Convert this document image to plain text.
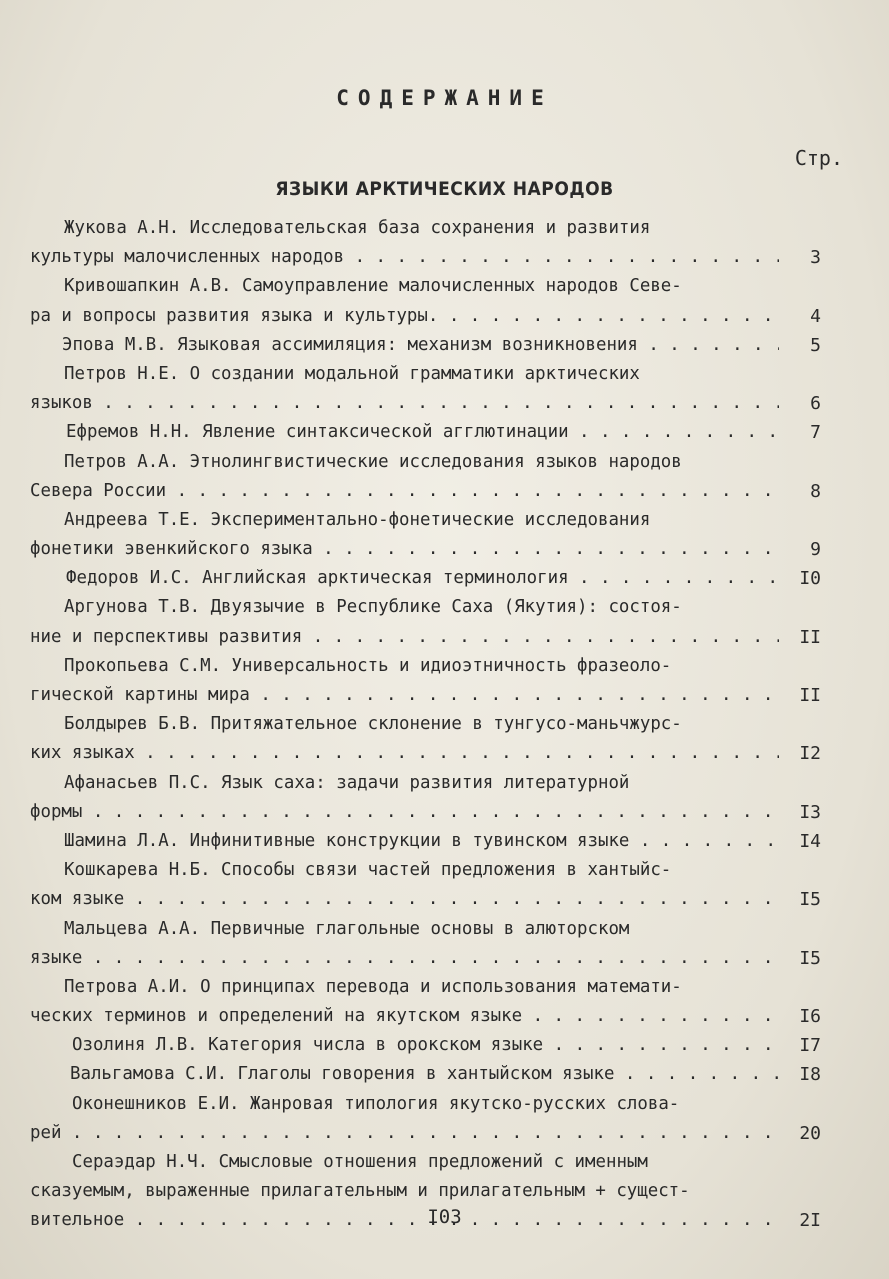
СОДЕРЖАНИЕ
Стр.
ЯЗЫКИ АРКТИЧЕСКИХ НАРОДОВ
Жукова А.Н. Исследовательская база сохранения и развития
культуры малочисленных народов . . .	3
Кривошапкин А.В. Самоуправление малочисленных народов Севе-
ра и вопросы развития языка и культуры. . . .	4
Эпова М.В. Языковая ассимиляция: механизм возникновения . . .	5
Петров Н.Е. О создании модальной грамматики арктических
языков . . .	6
Ефремов Н.Н. Явление синтаксической агглютинации . . .	7
Петров А.А. Этнолингвистические исследования языков народов
Севера России . . .	8
Андреева Т.Е. Экспериментально-фонетические исследования
фонетики эвенкийского языка . . .	9
Федоров И.С. Английская арктическая терминология . . .	I0
Аргунова Т.В. Двуязычие в Республике Саха (Якутия): состоя-
ние и перспективы развития . . .	II
Прокопьева С.М. Универсальность и идиоэтничность фразеоло-
гической картины мира . . .	II
Болдырев Б.В. Притяжательное склонение в тунгусо-маньчжурс-
ких языках . . .	I2
Афанасьев П.С. Язык саха: задачи развития литературной
формы . . .	I3
Шамина Л.А. Инфинитивные конструкции в тувинском языке . . .	I4
Кошкарева Н.Б. Способы связи частей предложения в хантыйс-
ком языке . . .	I5
Мальцева А.А. Первичные глагольные основы в алюторском
языке . . .	I5
Петрова А.И. О принципах перевода и использования математи-
ческих терминов и определений на якутском языке . . .	I6
Озолиня Л.В. Категория числа в орокском языке . . .	I7
Вальгамова С.И. Глаголы говорения в хантыйском языке . . .	I8
Оконешников Е.И. Жанровая типология якутско-русских слова-
рей . . .	20
Сераэдар Н.Ч. Смысловые отношения предложений с именным
сказуемым, выраженные прилагательным и прилагательным + сущест-
вительное . . .	2I
I03
